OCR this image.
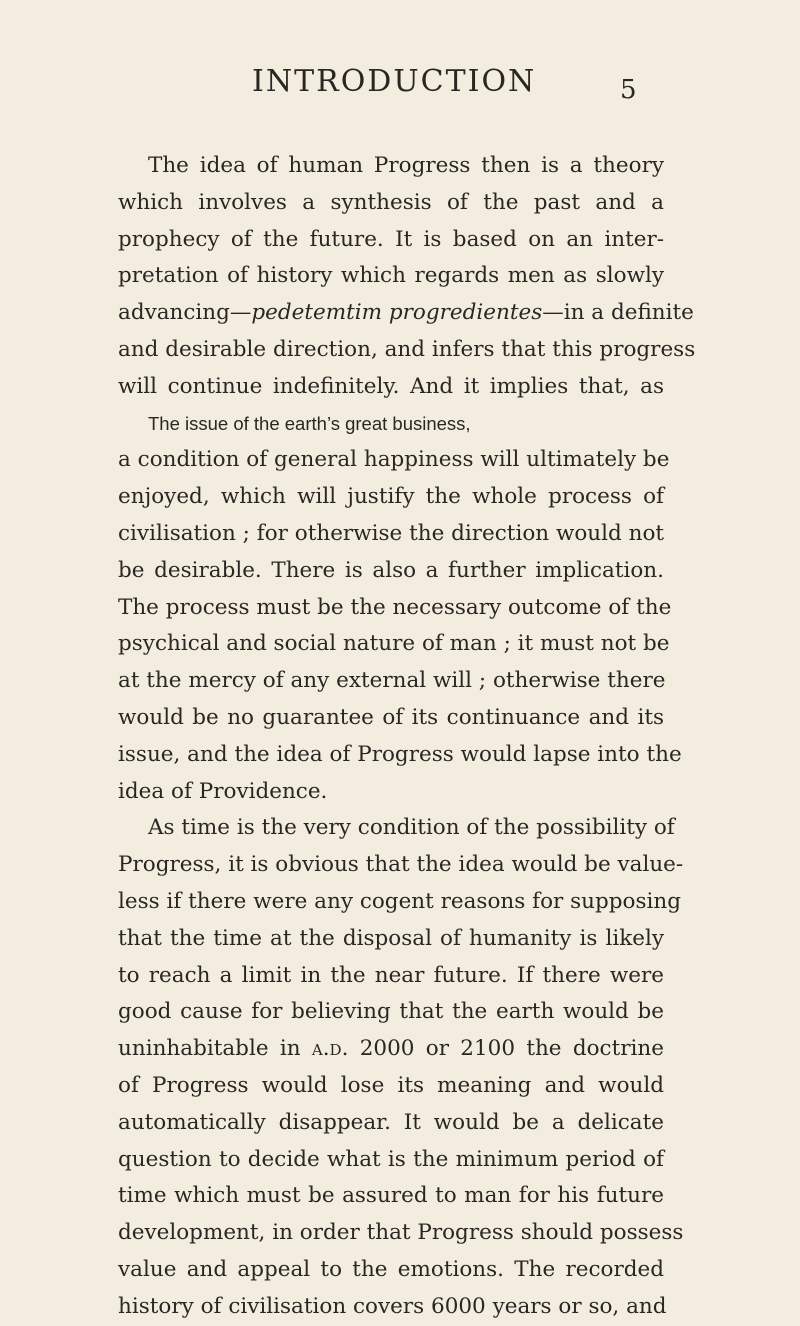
INTRODUCTION	5
The idea of human Progress then is a theory
which involves a synthesis of the past and a
prophecy of the future. It is based on an inter-
pretation of history which regards men as slowly
advancing—pedetemtim progredientes—in a definite
and desirable direction, and infers that this progress
will continue indefinitely. And it implies that, as
The issue of the earth’s great business,
a condition of general happiness will ultimately be
enjoyed, which will justify the whole process of
civilisation ; for otherwise the direction would not
be desirable. There is also a further implication.
The process must be the necessary outcome of the
psychical and social nature of man ; it must not be
at the mercy of any external will ; otherwise there
would be no guarantee of its continuance and its
issue, and the idea of Progress would lapse into the
idea of Providence.
As time is the very condition of the possibility of
Progress, it is obvious that the idea would be value-
less if there were any cogent reasons for supposing
that the time at the disposal of humanity is likely
to reach a limit in the near future. If there were
good cause for believing that the earth would be
uninhabitable in a.d. 2000 or 2100 the doctrine
of Progress would lose its meaning and would
automatically disappear. It would be a delicate
question to decide what is the minimum period of
time which must be assured to man for his future
development, in order that Progress should possess
value and appeal to the emotions. The recorded
history of civilisation covers 6000 years or so, and
